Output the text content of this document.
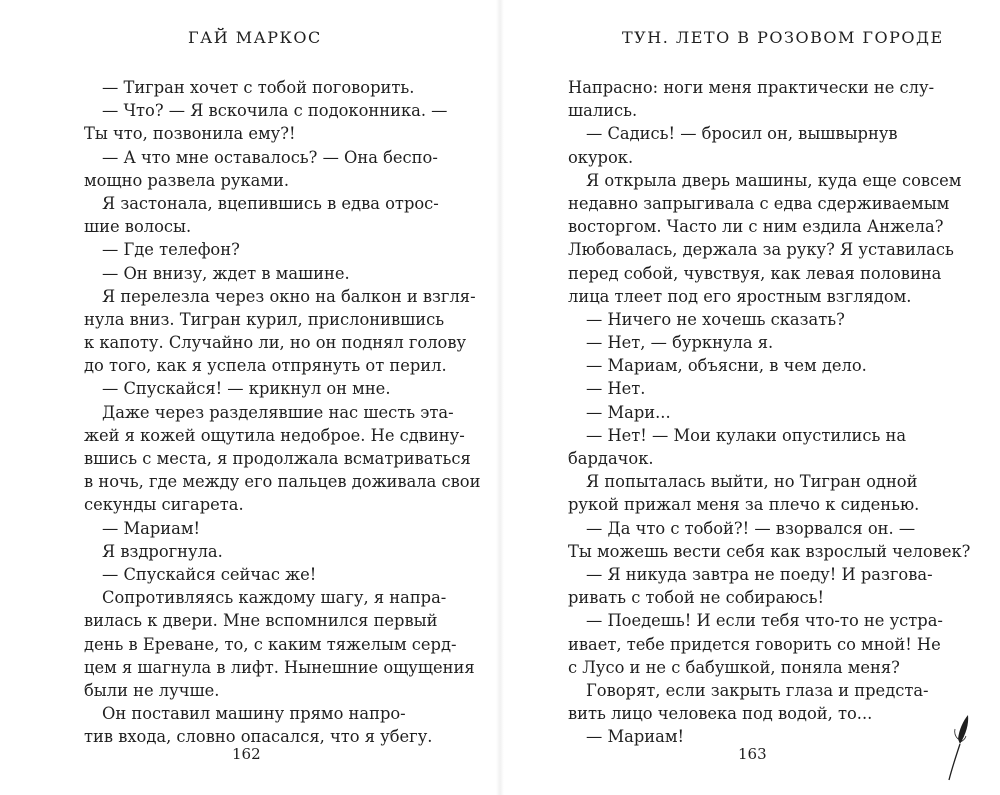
ГАЙ МАРКОС
— Тигран хочет с тобой поговорить.
— Что? — Я вскочила с подоконника. —
Ты что, позвонила ему?!
— А что мне оставалось? — Она беспо-
мощно развела руками.
Я застонала, вцепившись в едва отрос-
шие волосы.
— Где телефон?
— Он внизу, ждет в машине.
Я перелезла через окно на балкон и взгля-
нула вниз. Тигран курил, прислонившись
к капоту. Случайно ли, но он поднял голову
до того, как я успела отпрянуть от перил.
— Спускайся! — крикнул он мне.
Даже через разделявшие нас шесть эта-
жей я кожей ощутила недоброе. Не сдвину-
вшись с места, я продолжала всматриваться
в ночь, где между его пальцев доживала свои
секунды сигарета.
— Мариам!
Я вздрогнула.
— Спускайся сейчас же!
Сопротивляясь каждому шагу, я напра-
вилась к двери. Мне вспомнился первый
день в Ереване, то, с каким тяжелым серд-
цем я шагнула в лифт. Нынешние ощущения
были не лучше.
Он поставил машину прямо напро-
тив входа, словно опасался, что я убегу.

162

ТУН. ЛЕТО В РОЗОВОМ ГОРОДЕ
Напрасно: ноги меня практически не слу-
шались.
— Садись! — бросил он, вышвырнув
окурок.
Я открыла дверь машины, куда еще совсем
недавно запрыгивала с едва сдерживаемым
восторгом. Часто ли с ним ездила Анжела?
Любовалась, держала за руку? Я уставилась
перед собой, чувствуя, как левая половина
лица тлеет под его яростным взглядом.
— Ничего не хочешь сказать?
— Нет, — буркнула я.
— Мариам, объясни, в чем дело.
— Нет.
— Мари...
— Нет! — Мои кулаки опустились на
бардачок.
Я попыталась выйти, но Тигран одной
рукой прижал меня за плечо к сиденью.
— Да что с тобой?! — взорвался он. —
Ты можешь вести себя как взрослый человек?
— Я никуда завтра не поеду! И разгова-
ривать с тобой не собираюсь!
— Поедешь! И если тебя что-то не устра-
ивает, тебе придется говорить со мной! Не
с Лусо и не с бабушкой, поняла меня?
Говорят, если закрыть глаза и предста-
вить лицо человека под водой, то...
— Мариам!

163
